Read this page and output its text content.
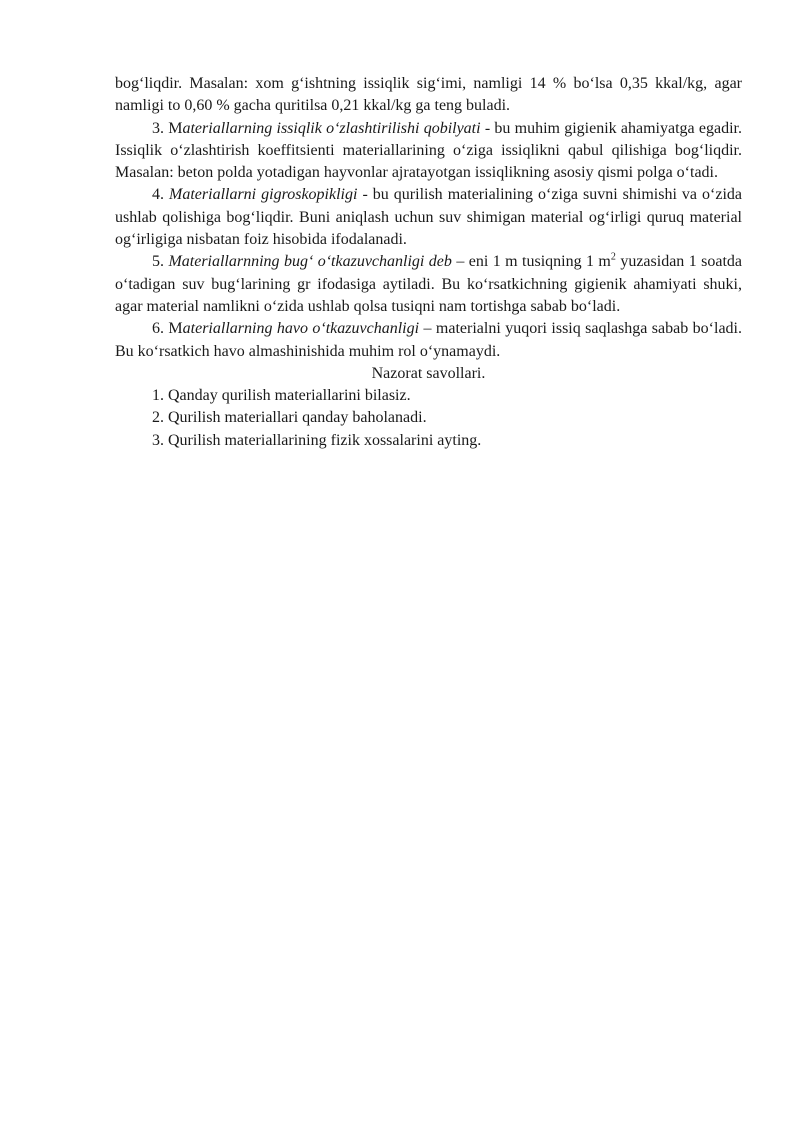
bog‘liqdir. Masalan: xom g‘ishtning issiqlik sig‘imi, namligi 14 % bo‘lsa 0,35 kkal/kg, agar namligi to 0,60 % gacha quritilsa 0,21 kkal/kg ga teng buladi.

3. Materiallarning issiqlik o‘zlashtirilishi qobilyati - bu muhim gigienik ahamiyatga egadir. Issiqlik o‘zlashtirish koeffitsienti materiallarining o‘ziga issiqlikni qabul qilishiga bog‘liqdir. Masalan: beton polda yotadigan hayvonlar ajratayotgan issiqlikning asosiy qismi polga o‘tadi.

4. Materiallarni gigroskopikligi - bu qurilish materialining o‘ziga suvni shimishi va o‘zida ushlab qolishiga bog‘liqdir. Buni aniqlash uchun suv shimigan material og‘irligi quruq material og‘irligiga nisbatan foiz hisobida ifodalanadi.

5. Materiallarnning bug‘ o‘tkazuvchanligi deb – eni 1 m tusiqning 1 $m^2$ yuzasidan 1 soatda o‘tadigan suv bug‘larining gr ifodasiga aytiladi. Bu ko‘rsatkichning gigienik ahamiyati shuki, agar material namlikni o‘zida ushlab qolsa tusiqni nam tortishga sabab bo‘ladi.

6. Materiallarning havo o‘tkazuvchanligi – materialni yuqori issiq saqlashga sabab bo‘ladi. Bu ko‘rsatkich havo almashinishida muhim rol o‘ynamaydi.

Nazorat savollari.

1. Qanday qurilish materiallarini bilasiz.

2. Qurilish materiallari qanday baholanadi.

3. Qurilish materiallarining fizik xossalarini ayting.
